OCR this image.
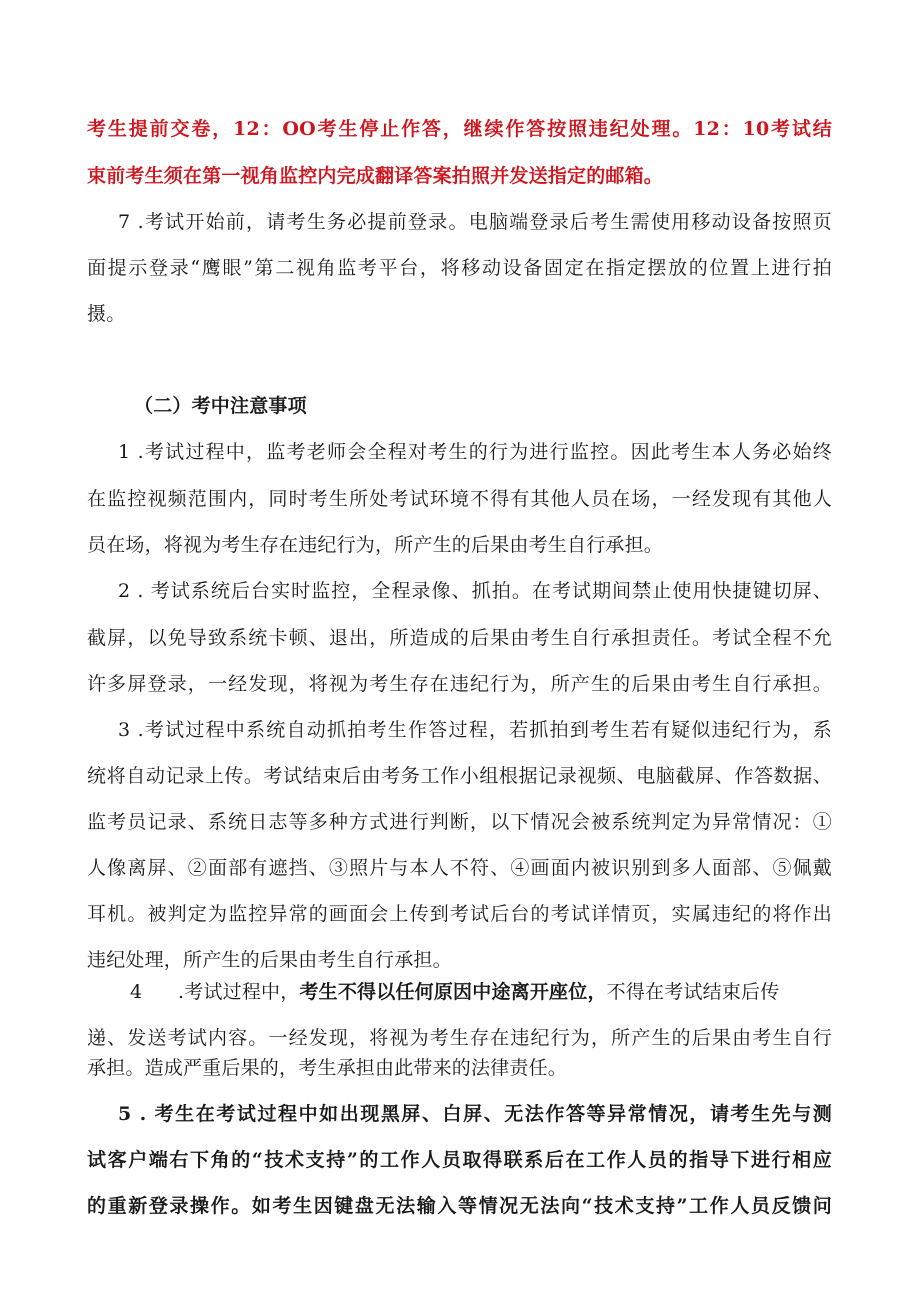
考生提前交卷，12：OO考生停止作答，继续作答按照违纪处理。12：10考试结
束前考生须在第一视角监控内完成翻译答案拍照并发送指定的邮箱。
7 .考试开始前，请考生务必提前登录。电脑端登录后考生需使用移动设备按照页
面提示登录“鹰眼”第二视角监考平台，将移动设备固定在指定摆放的位置上进行拍
摄。
（二）考中注意事项
1 .考试过程中，监考老师会全程对考生的行为进行监控。因此考生本人务必始终
在监控视频范围内，同时考生所处考试环境不得有其他人员在场，一经发现有其他人
员在场，将视为考生存在违纪行为，所产生的后果由考生自行承担。
2 . 考试系统后台实时监控，全程录像、抓拍。在考试期间禁止使用快捷键切屏、
截屏，以免导致系统卡顿、退出，所造成的后果由考生自行承担责任。考试全程不允
许多屏登录，一经发现，将视为考生存在违纪行为，所产生的后果由考生自行承担。
3 .考试过程中系统自动抓拍考生作答过程，若抓拍到考生若有疑似违纪行为，系
统将自动记录上传。考试结束后由考务工作小组根据记录视频、电脑截屏、作答数据、
监考员记录、系统日志等多种方式进行判断，以下情况会被系统判定为异常情况：①
人像离屏、②面部有遮挡、③照片与本人不符、④画面内被识别到多人面部、⑤佩戴
耳机。被判定为监控异常的画面会上传到考试后台的考试详情页，实属违纪的将作出
违纪处理，所产生的后果由考生自行承担。
4 .考试过程中，考生不得以任何原因中途离开座位，不得在考试结束后传
递、发送考试内容。一经发现，将视为考生存在违纪行为，所产生的后果由考生自行
承担。造成严重后果的，考生承担由此带来的法律责任。
5 . 考生在考试过程中如出现黑屏、白屏、无法作答等异常情况，请考生先与测
试客户端右下角的“技术支持”的工作人员取得联系后在工作人员的指导下进行相应
的重新登录操作。如考生因键盘无法输入等情况无法向“技术支持”工作人员反馈问
